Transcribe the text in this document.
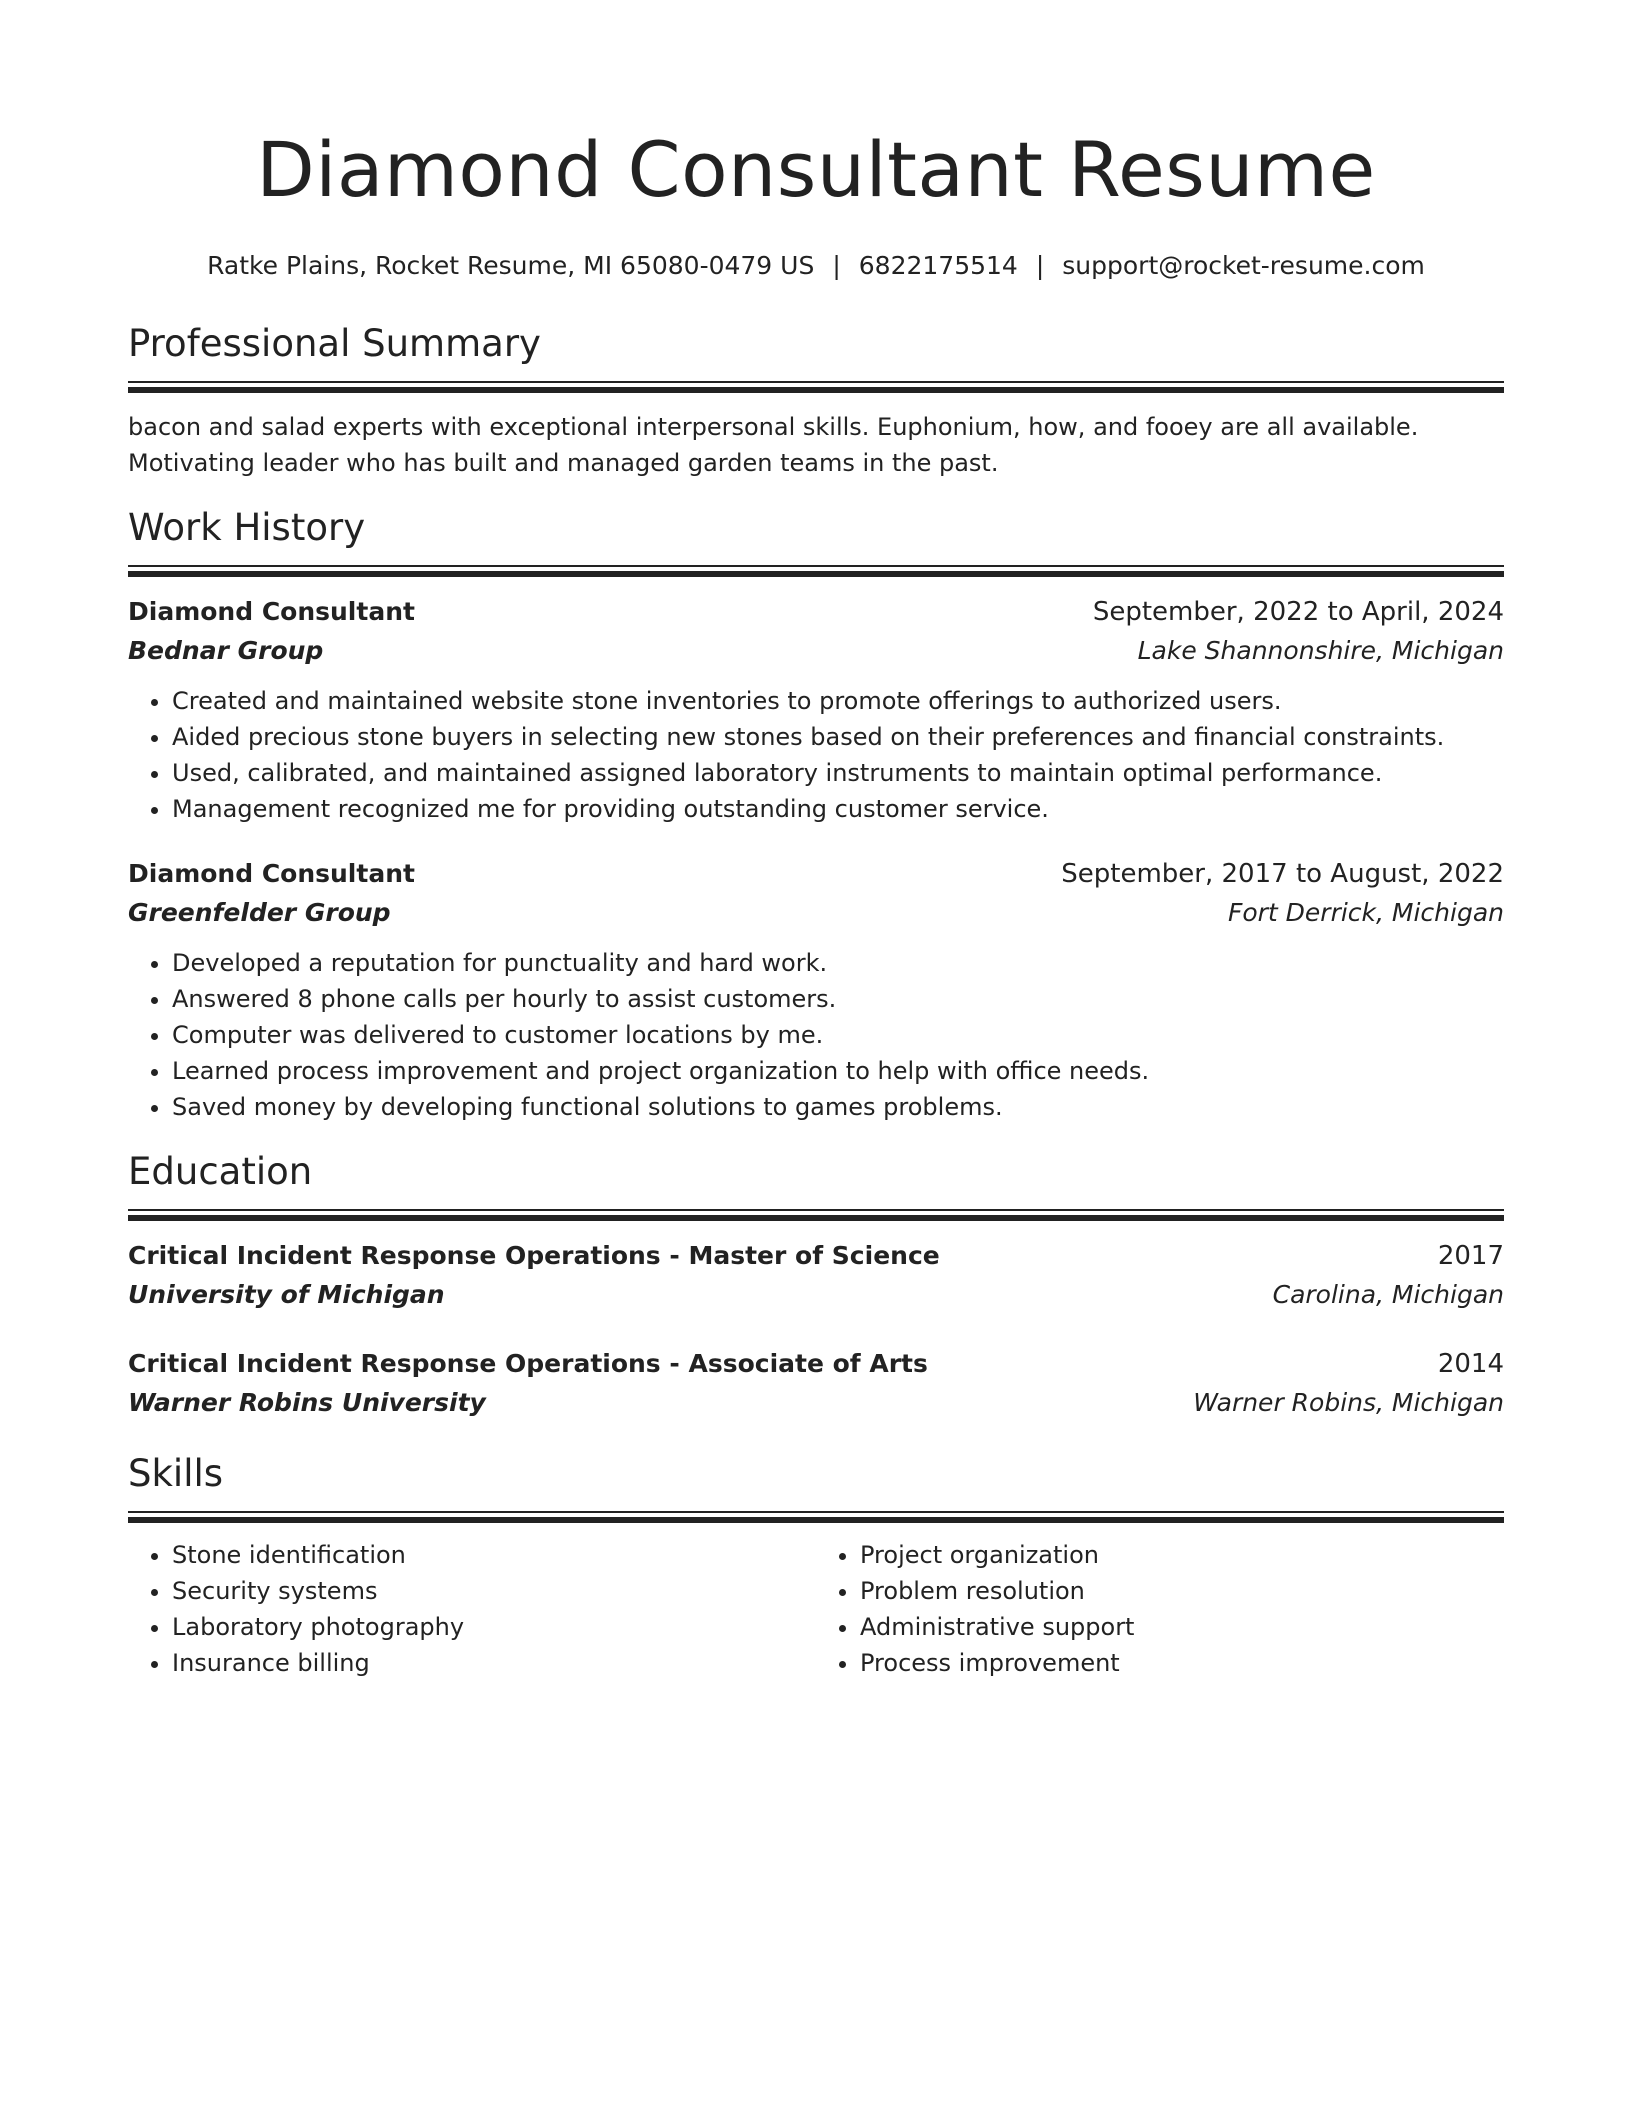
Diamond Consultant Resume
Ratke Plains, Rocket Resume, MI 65080-0479 US | 6822175514 | support@rocket-resume.com
Professional Summary
bacon and salad experts with exceptional interpersonal skills. Euphonium, how, and fooey are all available. Motivating leader who has built and managed garden teams in the past.
Work History
Diamond Consultant	September, 2022 to April, 2024
Bednar Group	Lake Shannonshire, Michigan
• Created and maintained website stone inventories to promote offerings to authorized users.
• Aided precious stone buyers in selecting new stones based on their preferences and financial constraints.
• Used, calibrated, and maintained assigned laboratory instruments to maintain optimal performance.
• Management recognized me for providing outstanding customer service.
Diamond Consultant	September, 2017 to August, 2022
Greenfelder Group	Fort Derrick, Michigan
• Developed a reputation for punctuality and hard work.
• Answered 8 phone calls per hourly to assist customers.
• Computer was delivered to customer locations by me.
• Learned process improvement and project organization to help with office needs.
• Saved money by developing functional solutions to games problems.
Education
Critical Incident Response Operations - Master of Science	2017
University of Michigan	Carolina, Michigan
Critical Incident Response Operations - Associate of Arts	2014
Warner Robins University	Warner Robins, Michigan
Skills
• Stone identification
• Security systems
• Laboratory photography
• Insurance billing
• Project organization
• Problem resolution
• Administrative support
• Process improvement
